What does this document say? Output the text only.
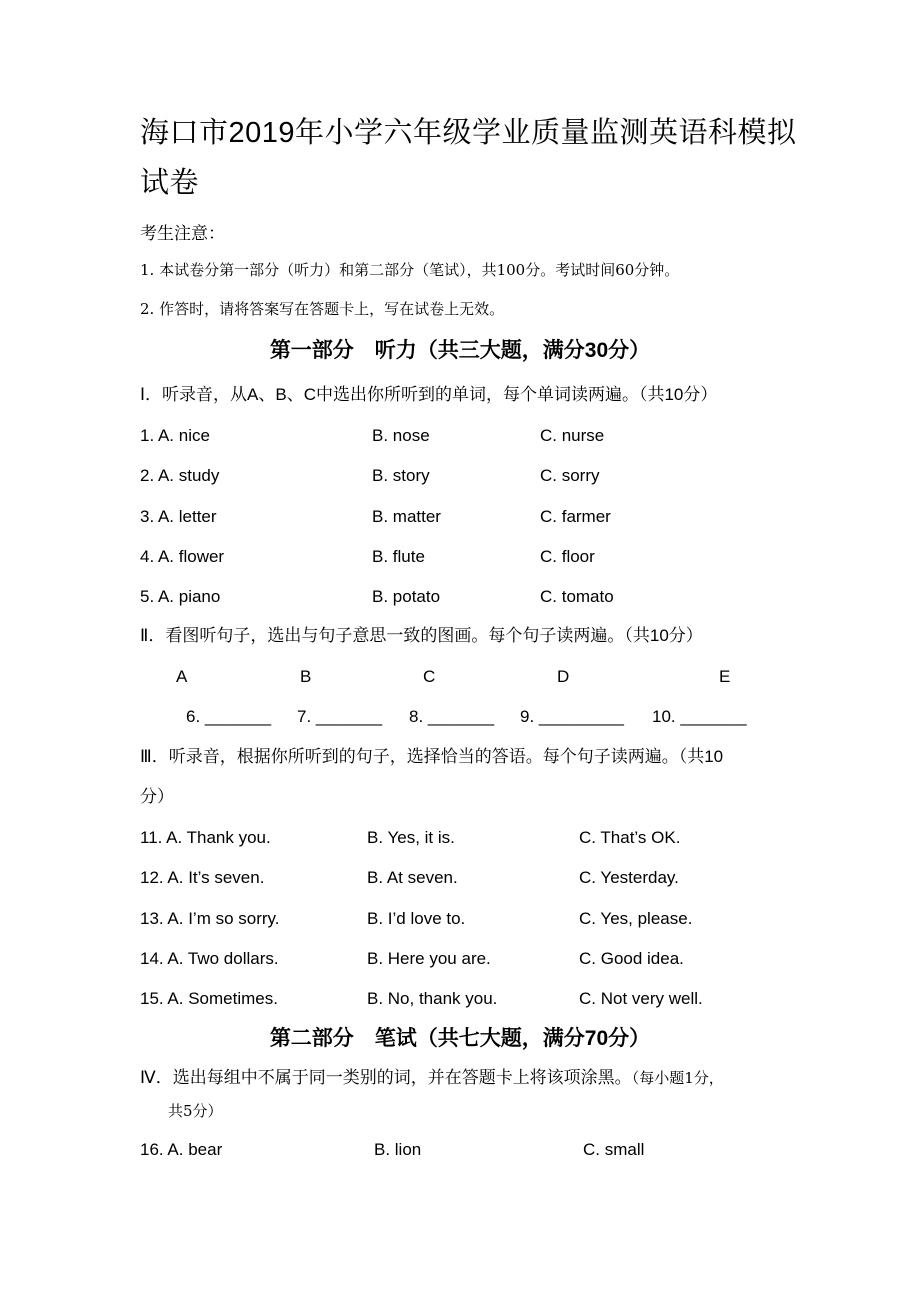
海口市2019年小学六年级学业质量监测英语科模拟
试卷
考生注意：
1. 本试卷分第一部分（听力）和第二部分（笔试），共100分。考试时间60分钟。
2. 作答时，请将答案写在答题卡上，写在试卷上无效。
第一部分　听力（共三大题，满分30分）
Ⅰ．听录音，从A、B、C中选出你所听到的单词，每个单词读两遍。（共10分）
1. A. nice	B. nose	C. nurse
2. A. study	B. story	C. sorry
3. A. letter	B. matter	C. farmer
4. A. flower	B. flute	C. floor
5. A. piano	B. potato	C. tomato
Ⅱ．看图听句子，选出与句子意思一致的图画。每个句子读两遍。（共10分）
A	B	C	D	E
6. _______ 7. _______ 8. _______ 9. _________ 10. _______
Ⅲ．听录音，根据你所听到的句子，选择恰当的答语。每个句子读两遍。（共10
分）
11. A. Thank you.	B. Yes, it is.	C. That’s OK.
12. A. It’s seven.	B. At seven.	C. Yesterday.
13. A. I’m so sorry.	B. I’d love to.	C. Yes, please.
14. A. Two dollars.	B. Here you are.	C. Good idea.
15. A. Sometimes.	B. No, thank you.	C. Not very well.
第二部分　笔试（共七大题，满分70分）
Ⅳ．选出每组中不属于同一类别的词，并在答题卡上将该项涂黑。（每小题1分，
共5分）
16. A. bear	B. lion	C. small
